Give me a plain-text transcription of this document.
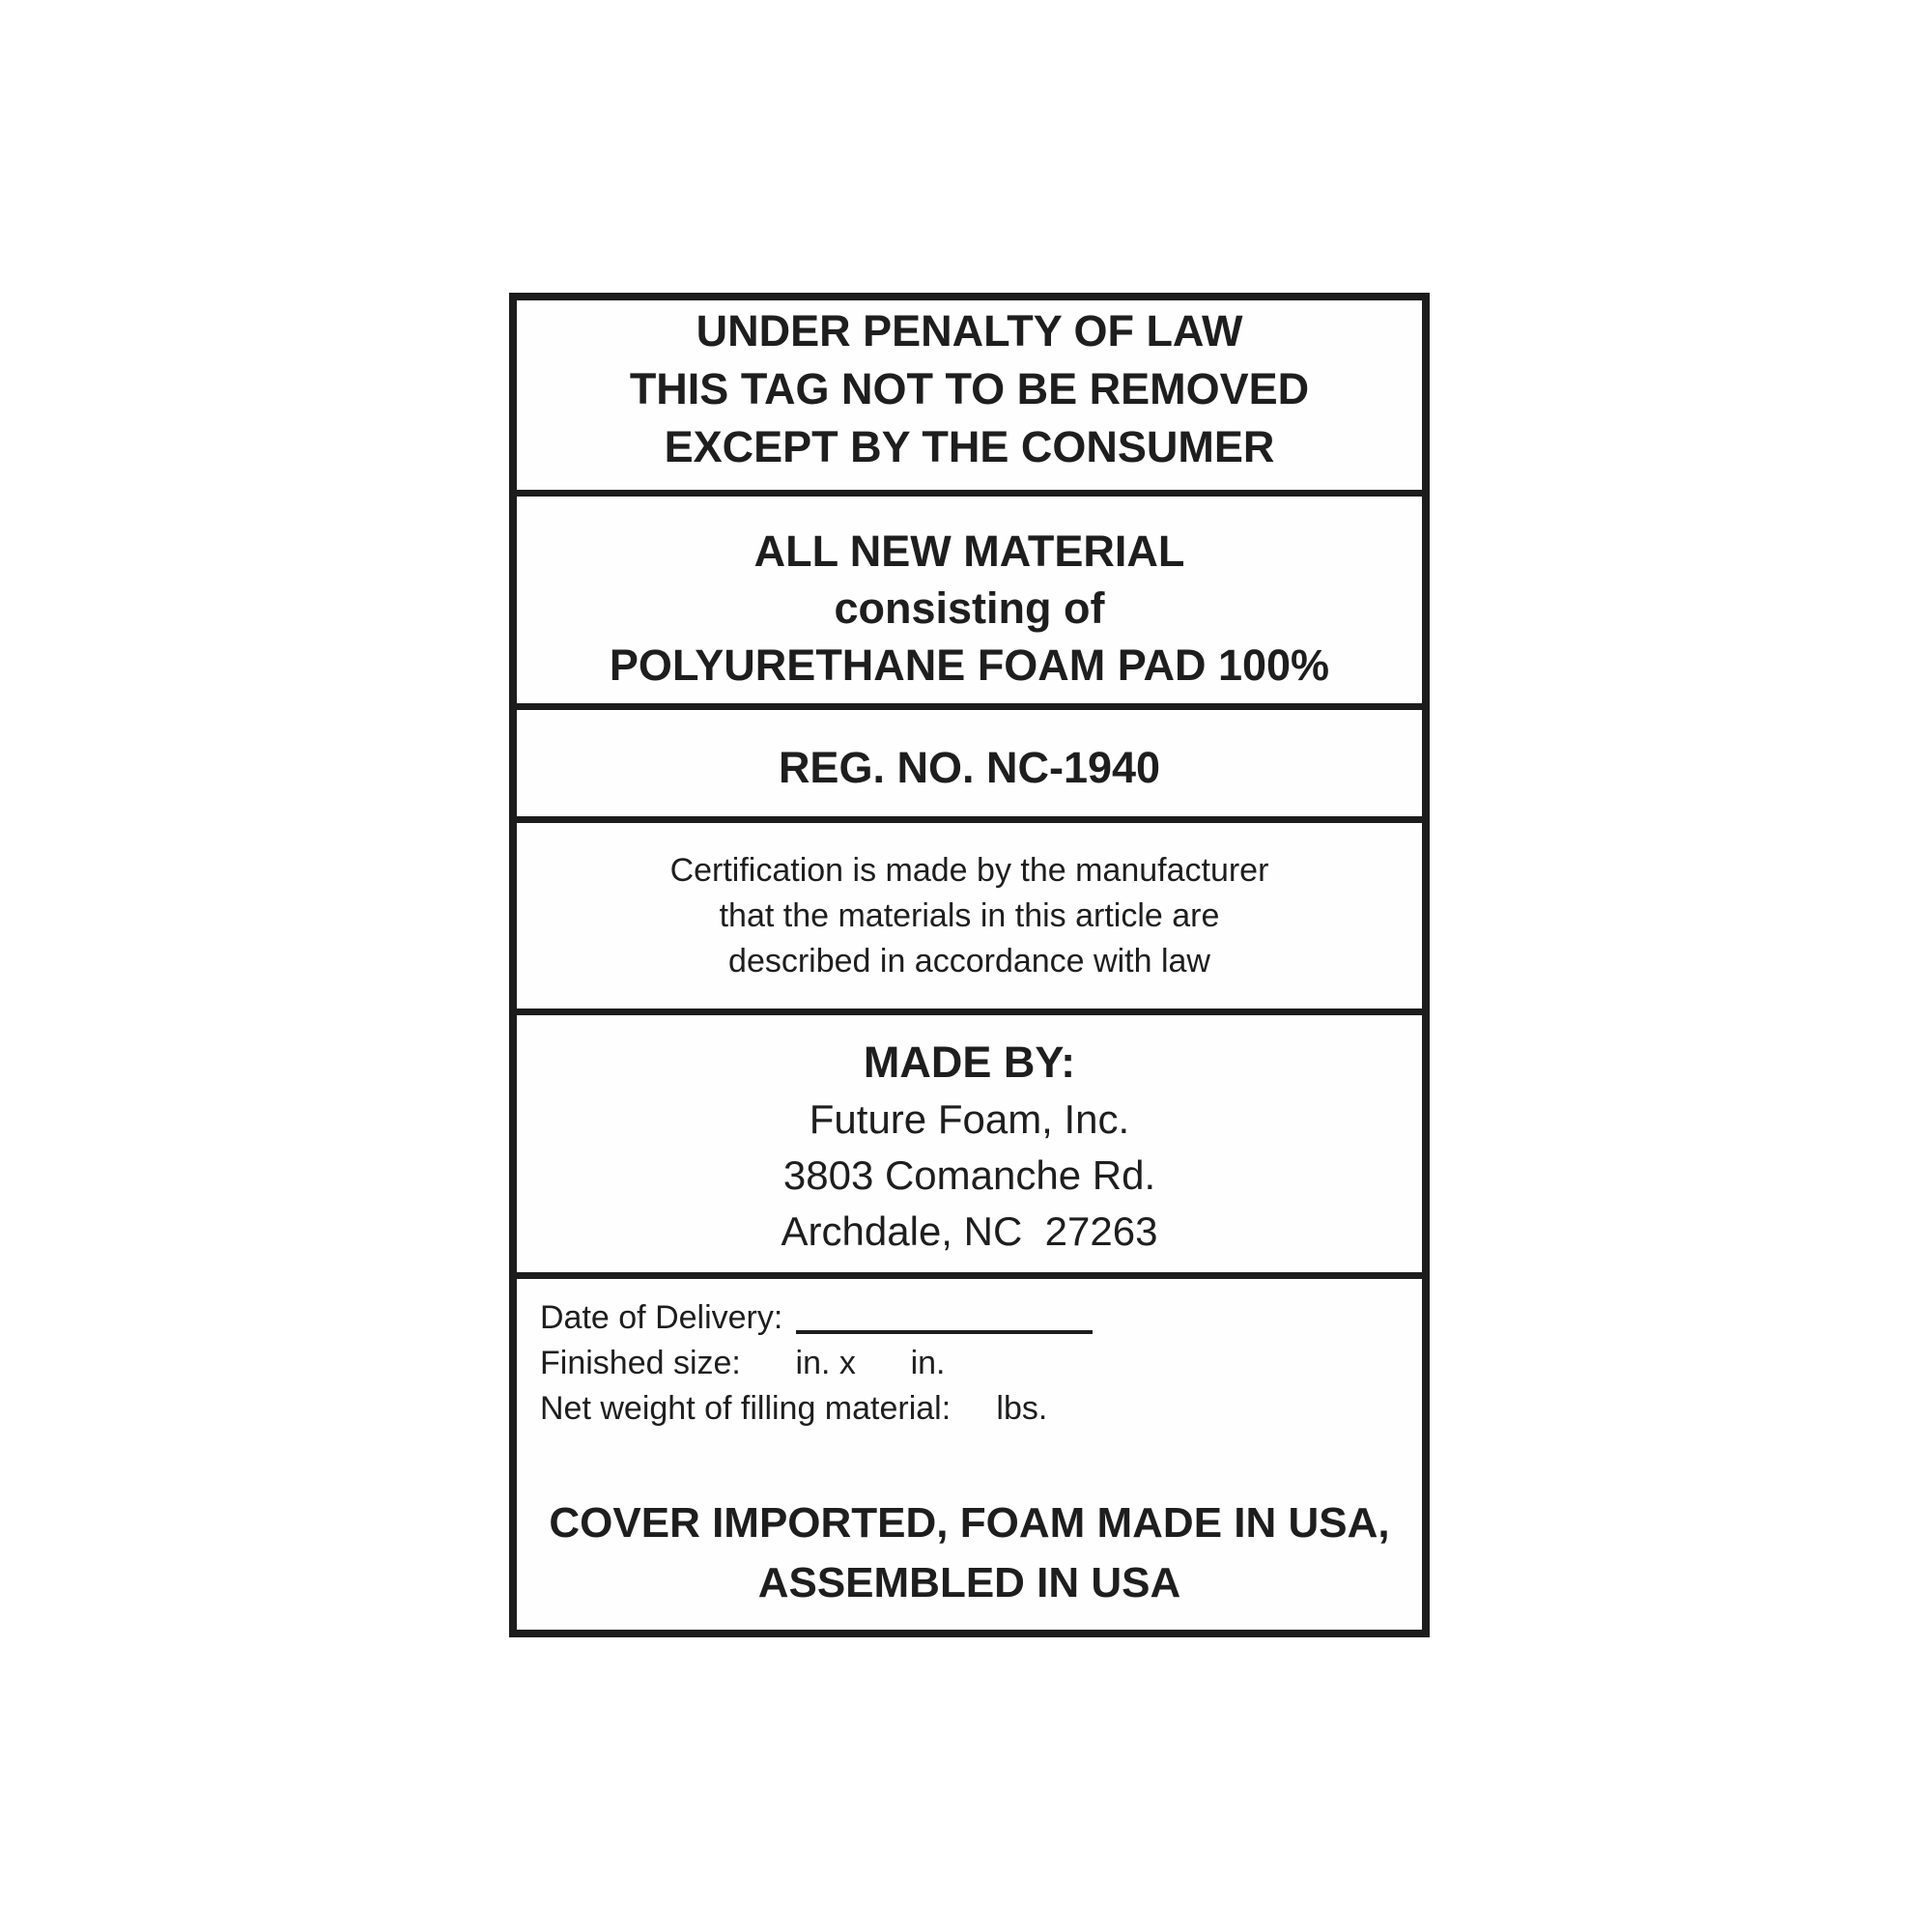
UNDER PENALTY OF LAW
THIS TAG NOT TO BE REMOVED
EXCEPT BY THE CONSUMER
ALL NEW MATERIAL
consisting of
POLYURETHANE FOAM PAD 100%
REG. NO. NC-1940
Certification is made by the manufacturer
that the materials in this article are
described in accordance with law
MADE BY:
Future Foam, Inc.
3803 Comanche Rd.
Archdale, NC  27263
Date of Delivery:
Finished size:      in. x      in.
Net weight of filling material:     lbs.
COVER IMPORTED, FOAM MADE IN USA,
ASSEMBLED IN USA
